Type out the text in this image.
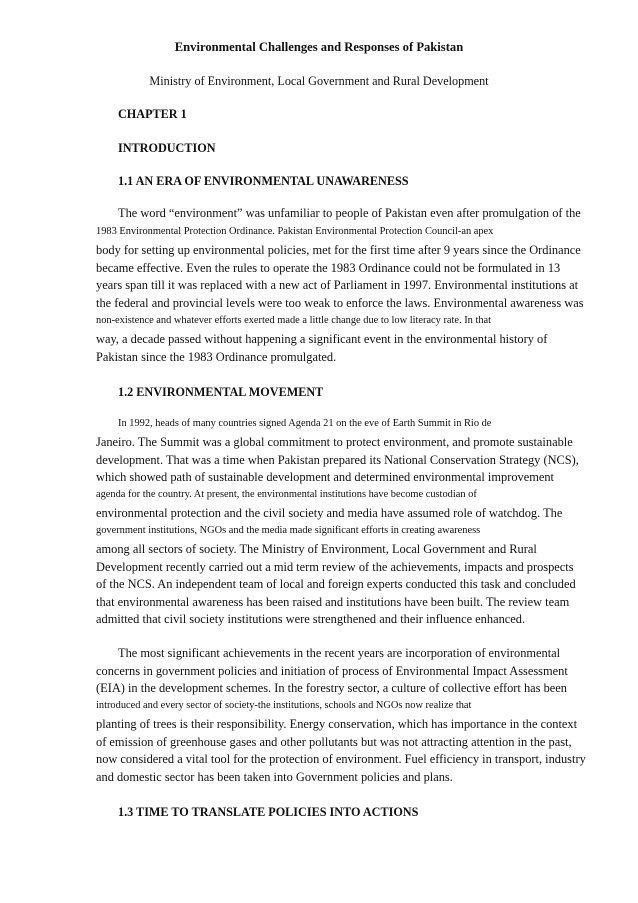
Environmental Challenges and Responses of Pakistan
Ministry of Environment, Local Government and Rural Development
CHAPTER 1
INTRODUCTION
1.1 AN ERA OF ENVIRONMENTAL UNAWARENESS
The word “environment” was unfamiliar to people of Pakistan even after promulgation of the
1983 Environmental Protection Ordinance. Pakistan Environmental Protection Council-an apex
body for setting up environmental policies, met for the first time after 9 years since the Ordinance
became effective. Even the rules to operate the 1983 Ordinance could not be formulated in 13
years span till it was replaced with a new act of Parliament in 1997. Environmental institutions at
the federal and provincial levels were too weak to enforce the laws. Environmental awareness was
non-existence and whatever efforts exerted made a little change due to low literacy rate. In that
way, a decade passed without happening a significant event in the environmental history of
Pakistan since the 1983 Ordinance promulgated.
1.2 ENVIRONMENTAL MOVEMENT
In 1992, heads of many countries signed Agenda 21 on the eve of Earth Summit in Rio de
Janeiro. The Summit was a global commitment to protect environment, and promote sustainable
development. That was a time when Pakistan prepared its National Conservation Strategy (NCS),
which showed path of sustainable development and determined environmental improvement
agenda for the country. At present, the environmental institutions have become custodian of
environmental protection and the civil society and media have assumed role of watchdog. The
government institutions, NGOs and the media made significant efforts in creating awareness
among all sectors of society. The Ministry of Environment, Local Government and Rural
Development recently carried out a mid term review of the achievements, impacts and prospects
of the NCS. An independent team of local and foreign experts conducted this task and concluded
that environmental awareness has been raised and institutions have been built. The review team
admitted that civil society institutions were strengthened and their influence enhanced.
The most significant achievements in the recent years are incorporation of environmental
concerns in government policies and initiation of process of Environmental Impact Assessment
(EIA) in the development schemes. In the forestry sector, a culture of collective effort has been
introduced and every sector of society-the institutions, schools and NGOs now realize that
planting of trees is their responsibility. Energy conservation, which has importance in the context
of emission of greenhouse gases and other pollutants but was not attracting attention in the past,
now considered a vital tool for the protection of environment. Fuel efficiency in transport, industry
and domestic sector has been taken into Government policies and plans.
1.3 TIME TO TRANSLATE POLICIES INTO ACTIONS
